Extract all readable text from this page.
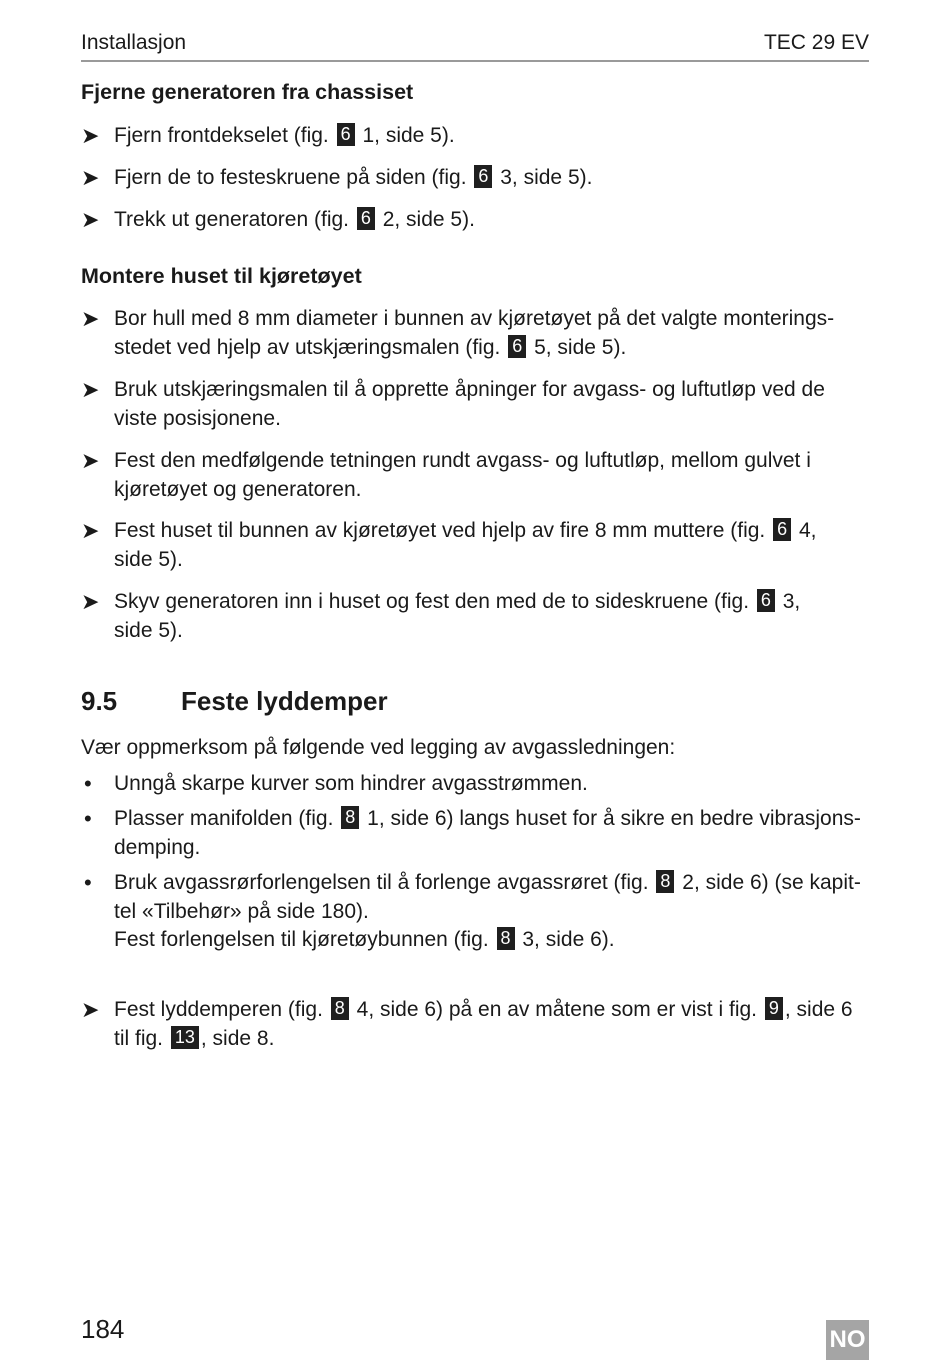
Installasjon	TEC 29 EV
Fjerne generatoren fra chassiset
➤ Fjern frontdekselet (fig. 6 1, side 5).
➤ Fjern de to festeskruene på siden (fig. 6 3, side 5).
➤ Trekk ut generatoren (fig. 6 2, side 5).
Montere huset til kjøretøyet
➤ Bor hull med 8 mm diameter i bunnen av kjøretøyet på det valgte monterings-
stedet ved hjelp av utskjæringsmalen (fig. 6 5, side 5).
➤ Bruk utskjæringsmalen til å opprette åpninger for avgass- og luftutløp ved de
viste posisjonene.
➤ Fest den medfølgende tetningen rundt avgass- og luftutløp, mellom gulvet i
kjøretøyet og generatoren.
➤ Fest huset til bunnen av kjøretøyet ved hjelp av fire 8 mm muttere (fig. 6 4,
side 5).
➤ Skyv generatoren inn i huset og fest den med de to sideskruene (fig. 6 3,
side 5).
9.5 Feste lyddemper
Vær oppmerksom på følgende ved legging av avgassledningen:
•	Unngå skarpe kurver som hindrer avgasstrømmen.
•	Plasser manifolden (fig. 8 1, side 6) langs huset for å sikre en bedre vibrasjons-
demping.
•	Bruk avgassrørforlengelsen til å forlenge avgassrøret (fig. 8 2, side 6) (se kapit-
tel «Tilbehør» på side 180).
Fest forlengelsen til kjøretøybunnen (fig. 8 3, side 6).
➤ Fest lyddemperen (fig. 8 4, side 6) på en av måtene som er vist i fig. 9 , side 6
til fig. 13 , side 8.
184	NO
